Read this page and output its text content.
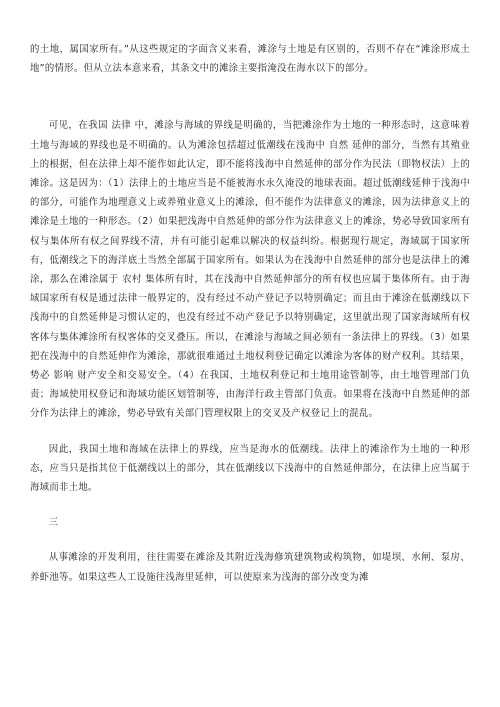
的土地，属国家所有。”从这些规定的字面含义来看，滩涂与土地是有区别的，否则不存在“滩涂形成土地”的情形。但从立法本意来看，其条文中的滩涂主要指淹没在海水以下的部分。

可见，在我国 法律 中，滩涂与海域的界线是明确的，当把滩涂作为土地的一种形态时，这意味着土地与海域的界线也是不明确的。认为滩涂包括超过低潮线在浅海中 自然 延伸的部分，当然有其殖业上的根据，但在法律上却不能作如此认定，即不能将浅海中自然延伸的部分作为民法（即物权法）上的滩涂。这是因为：（1）法律上的土地应当是不能被海水永久淹没的地球表面。超过低潮线延伸于浅海中的部分，可能作为地理意义上或养殖业意义上的滩涂，但不能作为法律意义的滩涂，因为法律意义上的滩涂是土地的一种形态。（2）如果把浅海中自然延伸的部分作为法律意义上的滩涂，势必导致国家所有权与集体所有权之间界线不清，并有可能引起难以解决的权益纠纷。根据现行规定，海域属于国家所有，低潮线之下的海洋底土当然全部属于国家所有。如果认为在浅海中自然延伸的部分也是法律上的滩涂，那么在滩涂属于 农村 集体所有时，其在浅海中自然延伸部分的所有权也应属于集体所有。由于海域国家所有权是通过法律一般界定的，没有经过不动产登记予以特别确定；而且由于滩涂在低潮线以下浅海中的自然延伸是习惯认定的，也没有经过不动产登记予以特别确定，这里就出现了国家海域所有权客体与集体滩涂所有权客体的交叉叠压。所以，在滩涂与海域之间必须有一条法律上的界线。（3）如果把在浅海中的自然延伸作为滩涂，那就很难通过土地权利登记确定以滩涂为客体的财产权利。其结果，势必 影响 财产安全和交易安全。（4）在我国，土地权利登记和土地用途管制等，由土地管理部门负责；海域使用权登记和海域功能区划管制等，由海洋行政主管部门负责。如果将在浅海中自然延伸的部分作为法律上的滩涂，势必导致有关部门管理权限上的交叉及产权登记上的混乱。

因此，我国土地和海域在法律上的界线，应当是海水的低潮线。法律上的滩涂作为土地的一种形态，应当只是指其位于低潮线以上的部分，其在低潮线以下浅海中的自然延伸部分，在法律上应当属于海域而非土地。

三

从事滩涂的开发利用，往往需要在滩涂及其附近浅海修筑建筑物或构筑物，如堤坝、水闸、泵房、养虾池等。如果这些人工设施往浅海里延伸，可以使原来为浅海的部分改变为滩
